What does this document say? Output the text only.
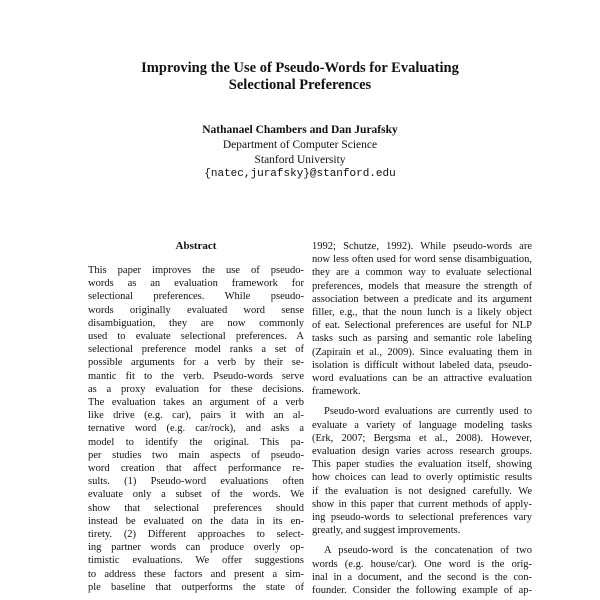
Improving the Use of Pseudo-Words for Evaluating
Selectional Preferences
Nathanael Chambers and Dan Jurafsky
Department of Computer Science
Stanford University
{natec,jurafsky}@stanford.edu
Abstract
This paper improves the use of pseudo-
words as an evaluation framework for
selectional preferences. While pseudo-
words originally evaluated word sense
disambiguation, they are now commonly
used to evaluate selectional preferences. A
selectional preference model ranks a set of
possible arguments for a verb by their se-
mantic fit to the verb. Pseudo-words serve
as a proxy evaluation for these decisions.
The evaluation takes an argument of a verb
like drive (e.g. car), pairs it with an al-
ternative word (e.g. car/rock), and asks a
model to identify the original. This pa-
per studies two main aspects of pseudo-
word creation that affect performance re-
sults. (1) Pseudo-word evaluations often
evaluate only a subset of the words. We
show that selectional preferences should
instead be evaluated on the data in its en-
tirety. (2) Different approaches to select-
ing partner words can produce overly op-
timistic evaluations. We offer suggestions
to address these factors and present a sim-
ple baseline that outperforms the state of
1992; Schutze, 1992). While pseudo-words are
now less often used for word sense disambiguation,
they are a common way to evaluate selectional
preferences, models that measure the strength of
association between a predicate and its argument
filler, e.g., that the noun lunch is a likely object
of eat. Selectional preferences are useful for NLP
tasks such as parsing and semantic role labeling
(Zapirain et al., 2009). Since evaluating them in
isolation is difficult without labeled data, pseudo-
word evaluations can be an attractive evaluation
framework.
Pseudo-word evaluations are currently used to
evaluate a variety of language modeling tasks
(Erk, 2007; Bergsma et al., 2008). However,
evaluation design varies across research groups.
This paper studies the evaluation itself, showing
how choices can lead to overly optimistic results
if the evaluation is not designed carefully. We
show in this paper that current methods of apply-
ing pseudo-words to selectional preferences vary
greatly, and suggest improvements.
A pseudo-word is the concatenation of two
words (e.g. house/car). One word is the orig-
inal in a document, and the second is the con-
founder. Consider the following example of ap-
